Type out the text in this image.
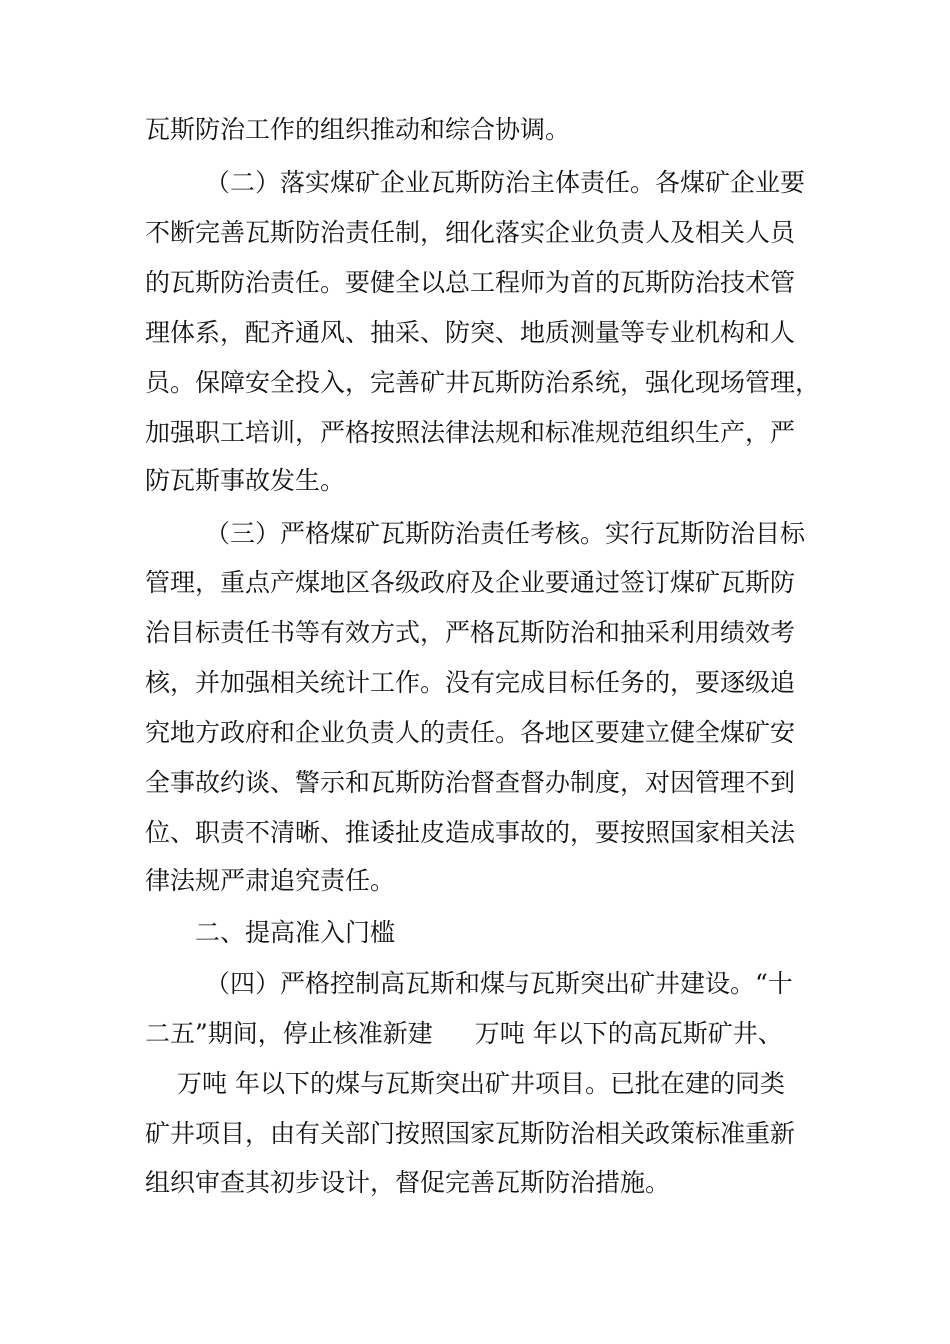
瓦斯防治工作的组织推动和综合协调。

（二）落实煤矿企业瓦斯防治主体责任。各煤矿企业要

不断完善瓦斯防治责任制，细化落实企业负责人及相关人员

的瓦斯防治责任。要健全以总工程师为首的瓦斯防治技术管

理体系，配齐通风、抽采、防突、地质测量等专业机构和人

员。保障安全投入，完善矿井瓦斯防治系统，强化现场管理，

加强职工培训，严格按照法律法规和标准规范组织生产，严

防瓦斯事故发生。

（三）严格煤矿瓦斯防治责任考核。实行瓦斯防治目标

管理，重点产煤地区各级政府及企业要通过签订煤矿瓦斯防

治目标责任书等有效方式，严格瓦斯防治和抽采利用绩效考

核，并加强相关统计工作。没有完成目标任务的，要逐级追

究地方政府和企业负责人的责任。各地区要建立健全煤矿安

全事故约谈、警示和瓦斯防治督查督办制度，对因管理不到

位、职责不清晰、推诿扯皮造成事故的，要按照国家相关法

律法规严肃追究责任。

二、提高准入门槛

（四）严格控制高瓦斯和煤与瓦斯突出矿井建设。“十

二五”期间，停止核准新建 万吨 年以下的高瓦斯矿井、

万吨 年以下的煤与瓦斯突出矿井项目。已批在建的同类

矿井项目，由有关部门按照国家瓦斯防治相关政策标准重新

组织审查其初步设计，督促完善瓦斯防治措施。
